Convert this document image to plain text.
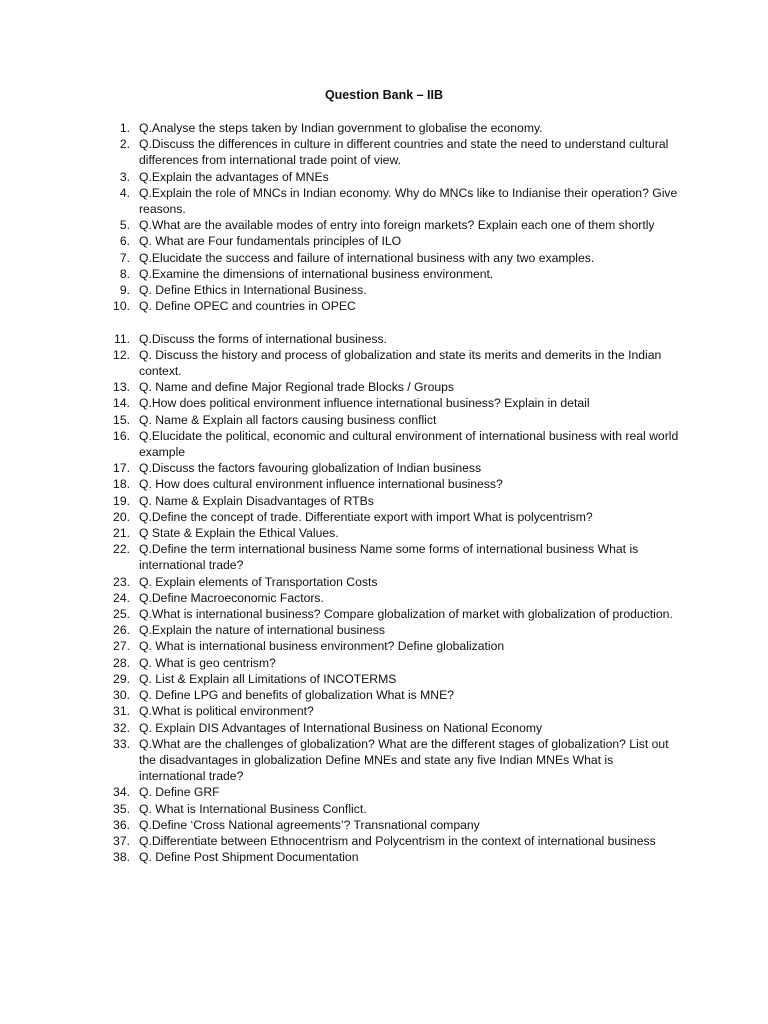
Question Bank – IIB
1. Q.Analyse the steps taken by Indian government to globalise the economy.
2. Q.Discuss the differences in culture in different countries and state the need to understand cultural differences from international trade point of view.
3. Q.Explain the advantages of MNEs
4. Q.Explain the role of MNCs in Indian economy. Why do MNCs like to Indianise their operation? Give reasons.
5. Q.What are the available modes of entry into foreign markets? Explain each one of them shortly
6. Q. What are Four fundamentals principles of ILO
7. Q.Elucidate the success and failure of international business with any two examples.
8. Q.Examine the dimensions of international business environment.
9. Q. Define Ethics in International Business.
10. Q. Define OPEC and countries in OPEC
11. Q.Discuss the forms of international business.
12. Q. Discuss the history and process of globalization and state its merits and demerits in the Indian context.
13. Q. Name and define Major Regional trade Blocks / Groups
14. Q.How does political environment influence international business? Explain in detail
15. Q. Name & Explain all factors causing business conflict
16. Q.Elucidate the political, economic and cultural environment of international business with real world example
17. Q.Discuss the factors favouring globalization of Indian business
18. Q. How does cultural environment influence international business?
19. Q. Name & Explain Disadvantages of RTBs
20. Q.Define the concept of trade. Differentiate export with import What is polycentrism?
21. Q State & Explain the Ethical Values.
22. Q.Define the term international business Name some forms of international business What is international trade?
23. Q. Explain elements of Transportation Costs
24. Q.Define Macroeconomic Factors.
25. Q.What is international business? Compare globalization of market with globalization of production.
26. Q.Explain the nature of international business
27. Q. What is international business environment? Define globalization
28. Q. What is geo centrism?
29. Q. List & Explain all Limitations of INCOTERMS
30. Q. Define LPG and benefits of globalization What is MNE?
31. Q.What is political environment?
32. Q. Explain DIS Advantages of International Business on National Economy
33. Q.What are the challenges of globalization? What are the different stages of globalization? List out the disadvantages in globalization Define MNEs and state any five Indian MNEs What is international trade?
34. Q. Define GRF
35. Q. What is International Business Conflict.
36. Q.Define ‘Cross National agreements’? Transnational company
37. Q.Differentiate between Ethnocentrism and Polycentrism in the context of international business
38. Q. Define Post Shipment Documentation
